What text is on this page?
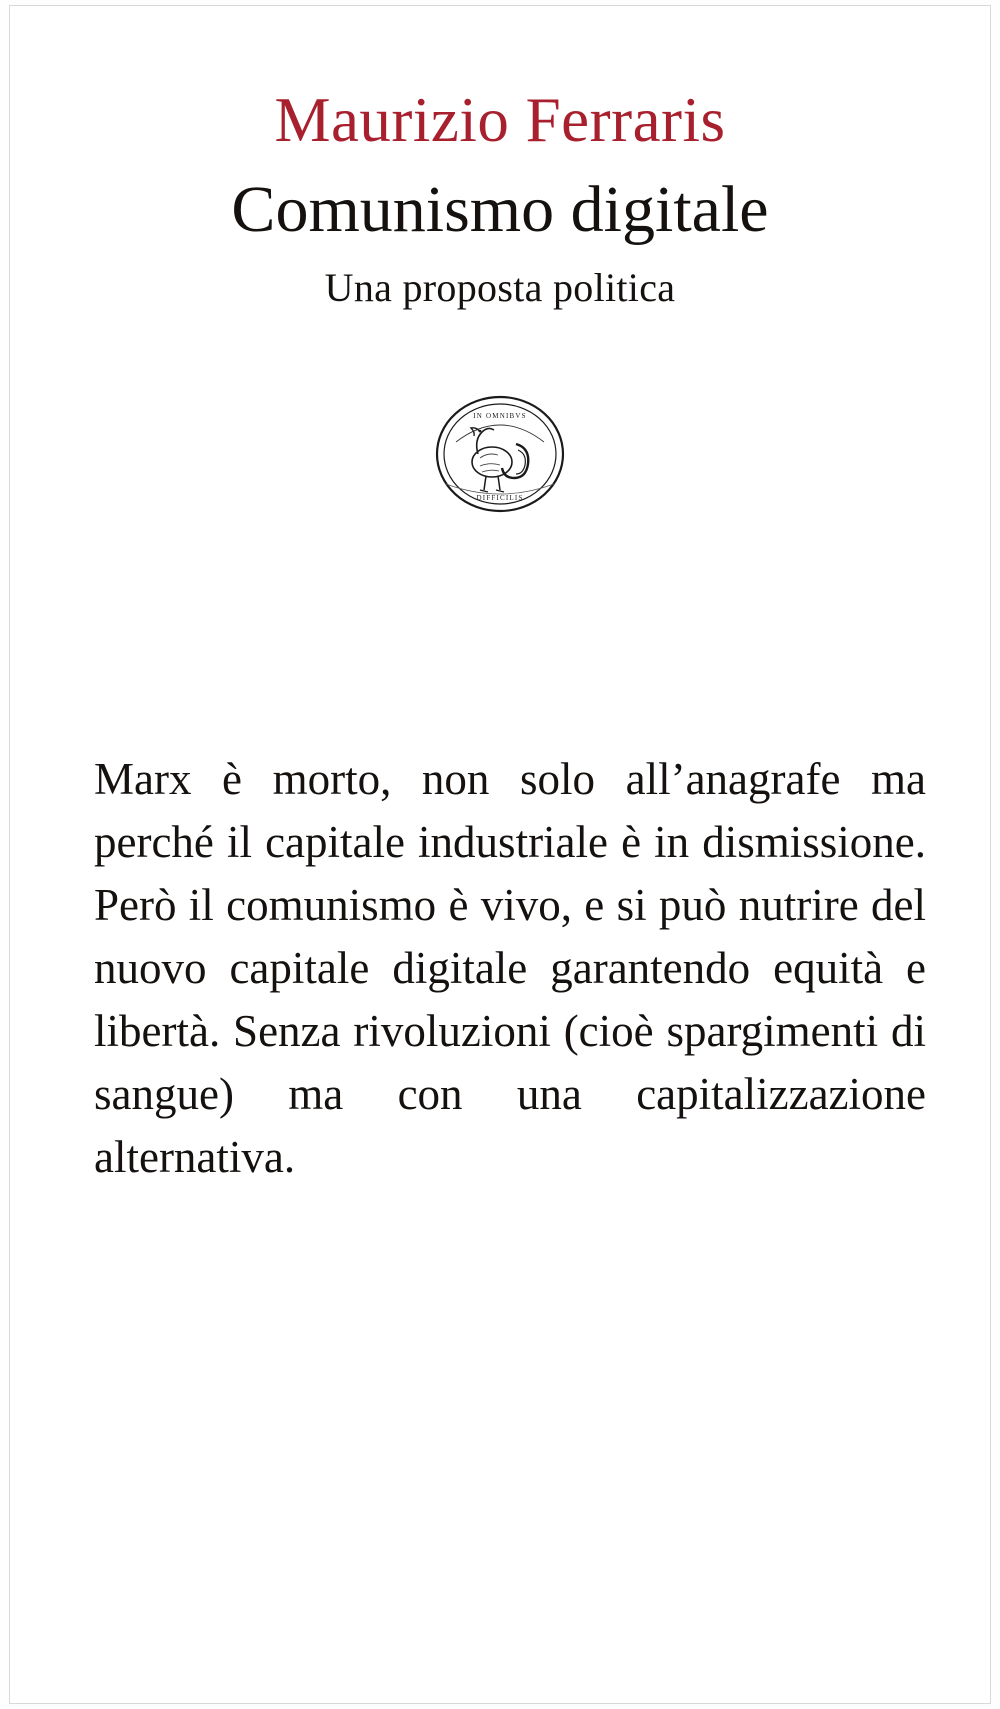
Maurizio Ferraris
Comunismo digitale
Una proposta politica
IN OMNIBVS
DIFFICILIS

Marx è morto, non solo all’anagrafe ma perché il capitale industriale è in dismissione. Però il comunismo è vivo, e si può nutrire del nuovo capitale digitale garantendo equità e libertà. Senza rivoluzioni (cioè spargimenti di sangue) ma con una capitalizzazione alternativa.
